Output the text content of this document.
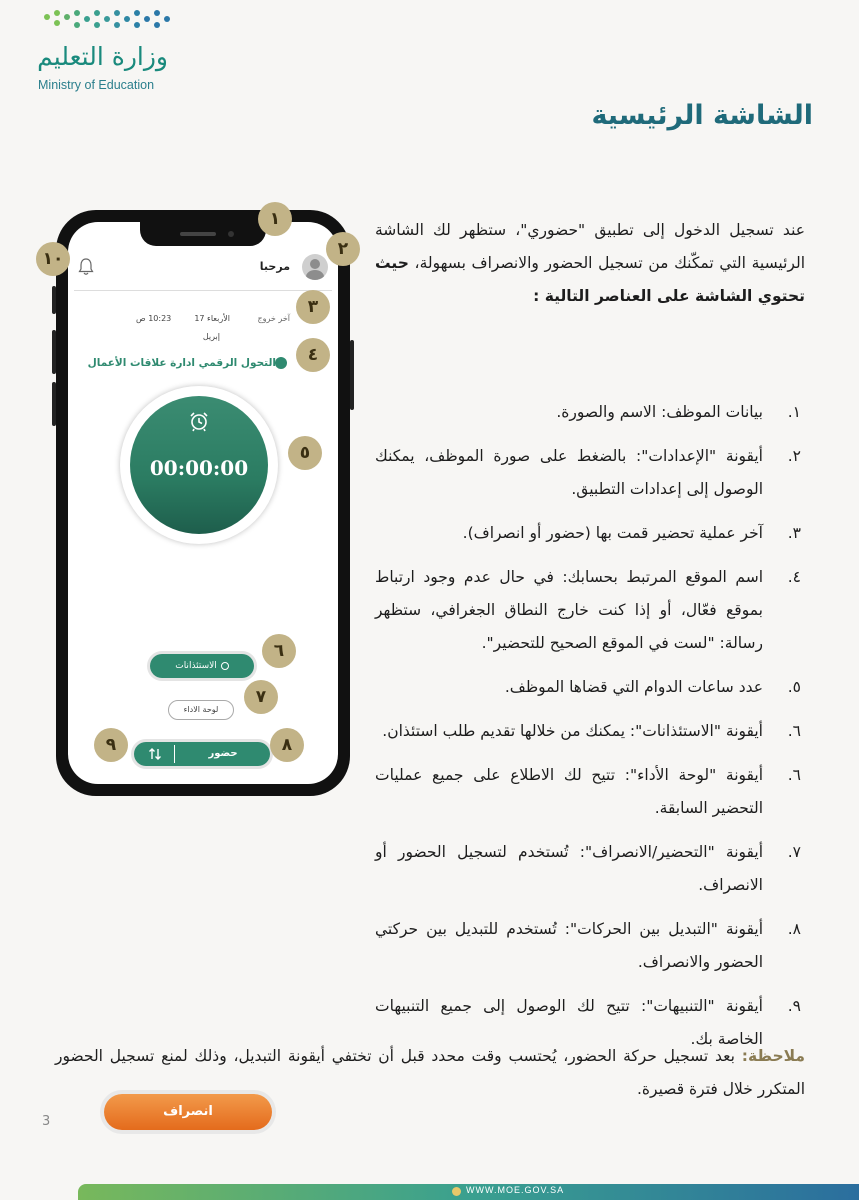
وزارة التعليم
Ministry of Education
الشاشة الرئيسية
مرحبا
آخر خروج
الأربعاء 17
10:23 ص
إبريل
التحول الرقمي ادارة علاقات الأعمال
00:00:00
الاستئذانات
لوحة الاداء
حضور
١
٢
٣
٤
٥
٦
٧
٨
٩
١٠

عند تسجيل الدخول إلى تطبيق "حضوري"، ستظهر لك الشاشة الرئيسية التي تمكّنك من تسجيل الحضور والانصراف بسهولة، حيث تحتوي الشاشة على العناصر التالية :

١.
بيانات الموظف: الاسم والصورة.
٢.
أيقونة "الإعدادات": بالضغط على صورة الموظف، يمكنك الوصول إلى إعدادات التطبيق.
٣.
آخر عملية تحضير قمت بها (حضور أو انصراف).
٤.
اسم الموقع المرتبط بحسابك: في حال عدم وجود ارتباط بموقع فعّال، أو إذا كنت خارج النطاق الجغرافي، ستظهر رسالة: "لست في الموقع الصحيح للتحضير".
٥.
عدد ساعات الدوام التي قضاها الموظف.
٦.
أيقونة "الاستئذانات": يمكنك من خلالها تقديم طلب استئذان.
٦.
أيقونة "لوحة الأداء": تتيح لك الاطلاع على جميع عمليات التحضير السابقة.
٧.
أيقونة "التحضير/الانصراف": تُستخدم لتسجيل الحضور أو الانصراف.
٨.
أيقونة "التبديل بين الحركات": تُستخدم للتبديل بين حركتي الحضور والانصراف.
٩.
أيقونة "التنبيهات": تتيح لك الوصول إلى جميع التنبيهات الخاصة بك.

ملاحظة: بعد تسجيل حركة الحضور، يُحتسب وقت محدد قبل أن تختفي أيقونة التبديل، وذلك لمنع تسجيل الحضور المتكرر خلال فترة قصيرة.

انصراف
3
WWW.MOE.GOV.SA
